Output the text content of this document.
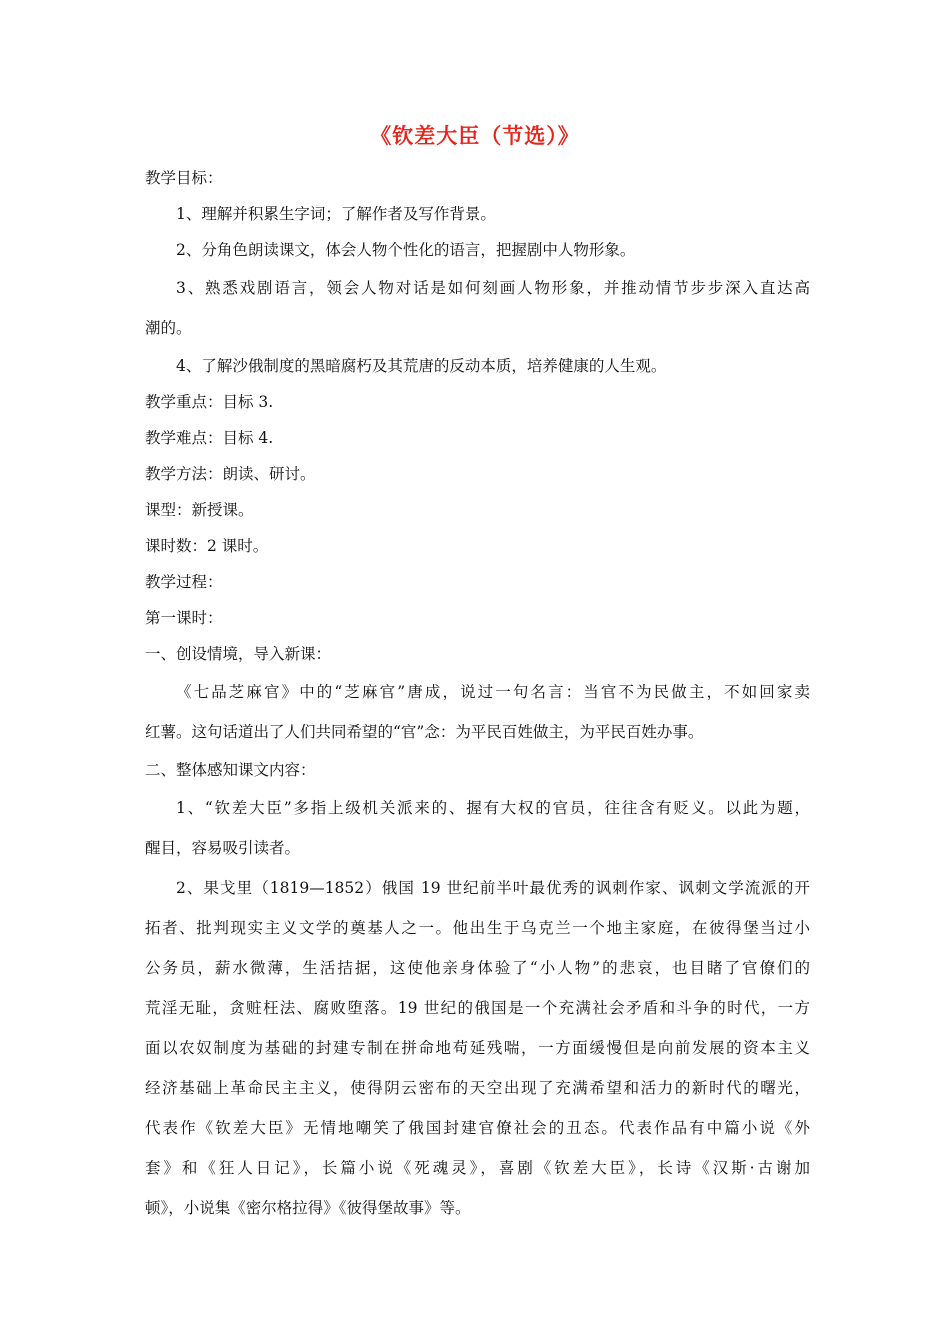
《钦差大臣（节选）》
教学目标：
1、理解并积累生字词；了解作者及写作背景。
2、分角色朗读课文，体会人物个性化的语言，把握剧中人物形象。
3、熟悉戏剧语言，领会人物对话是如何刻画人物形象，并推动情节步步深入直达高
潮的。
4、了解沙俄制度的黑暗腐朽及其荒唐的反动本质，培养健康的人生观。
教学重点：目标 3.
教学难点：目标 4.
教学方法：朗读、研讨。
课型：新授课。
课时数：2 课时。
教学过程：
第一课时：
一、创设情境，导入新课：
《七品芝麻官》中的“芝麻官”唐成，说过一句名言：当官不为民做主，不如回家卖
红薯。这句话道出了人们共同希望的“官”念：为平民百姓做主，为平民百姓办事。
二、整体感知课文内容：
1、“钦差大臣”多指上级机关派来的、握有大权的官员，往往含有贬义。以此为题，
醒目，容易吸引读者。
2、果戈里（1819—1852）俄国 19 世纪前半叶最优秀的讽刺作家、讽刺文学流派的开
拓者、批判现实主义文学的奠基人之一。他出生于乌克兰一个地主家庭，在彼得堡当过小
公务员，薪水微薄，生活拮据，这使他亲身体验了“小人物”的悲哀，也目睹了官僚们的
荒淫无耻，贪赃枉法、腐败堕落。19 世纪的俄国是一个充满社会矛盾和斗争的时代，一方
面以农奴制度为基础的封建专制在拼命地苟延残喘，一方面缓慢但是向前发展的资本主义
经济基础上革命民主主义，使得阴云密布的天空出现了充满希望和活力的新时代的曙光，
代表作《钦差大臣》无情地嘲笑了俄国封建官僚社会的丑态。代表作品有中篇小说《外
套》和《狂人日记》，长篇小说《死魂灵》，喜剧《钦差大臣》，长诗《汉斯·古谢加
顿》，小说集《密尔格拉得》《彼得堡故事》等。
